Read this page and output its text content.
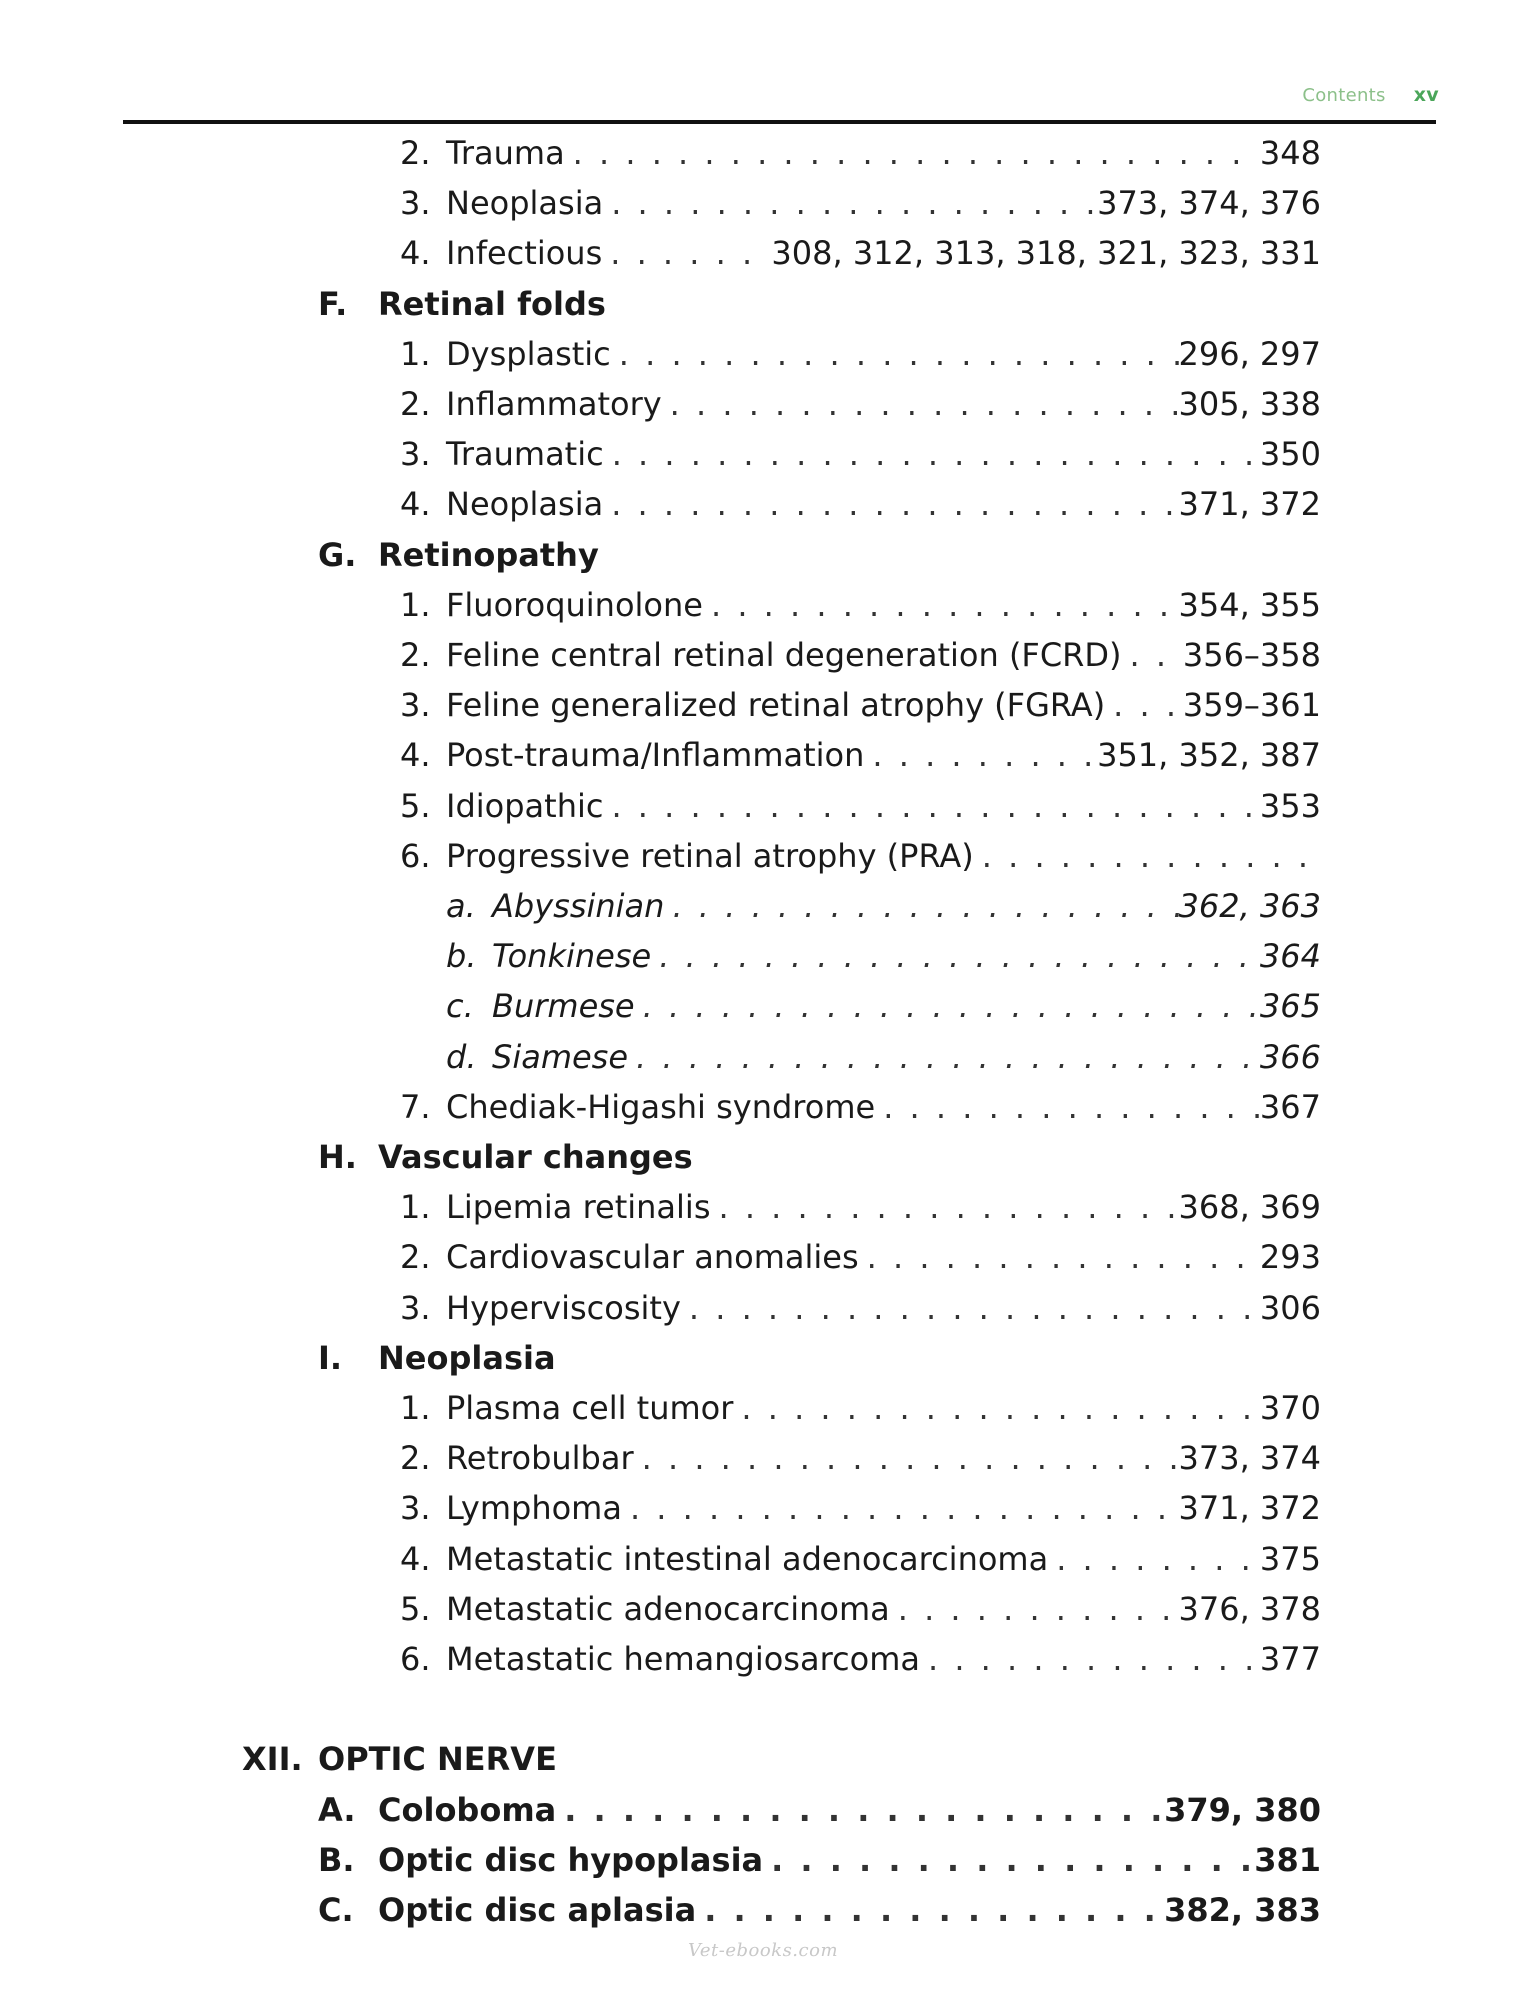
Contents xv
2. Trauma . . .	348
3. Neoplasia . . .	373, 374, 376
4. Infectious . . .	308, 312, 313, 318, 321, 323, 331
F. Retinal folds
1. Dysplastic . . .	296, 297
2. Inflammatory . . .	305, 338
3. Traumatic . . .	350
4. Neoplasia . . .	371, 372
G. Retinopathy
1. Fluoroquinolone . . .	354, 355
2. Feline central retinal degeneration (FCRD) . . . 356–358
3. Feline generalized retinal atrophy (FGRA) . . . 359–361
4. Post-trauma/Inflammation . . .	351, 352, 387
5. Idiopathic . . .	353
6. Progressive retinal atrophy (PRA)
. . .
a. Abyssinian . . .	362, 363
b. Tonkinese . . .	364
c. Burmese . . .	365
d. Siamese . . .	366
7. Chediak-Higashi syndrome . . .	367
H. Vascular changes
1. Lipemia retinalis . . .	368, 369
2. Cardiovascular anomalies . . .	293
3. Hyperviscosity . . .	306
I.	Neoplasia
1. Plasma cell tumor . . .	370
2. Retrobulbar . . .	373, 374
3. Lymphoma . . .	371, 372
4. Metastatic intestinal adenocarcinoma . . .	375
5. Metastatic adenocarcinoma . . .	376, 378
6. Metastatic hemangiosarcoma . . .	377
XII. OPTIC NERVE
A. Coloboma . . .	379, 380
B. Optic disc hypoplasia . . .	381
C. Optic disc aplasia . . .	382, 383
Vet-ebooks.com
